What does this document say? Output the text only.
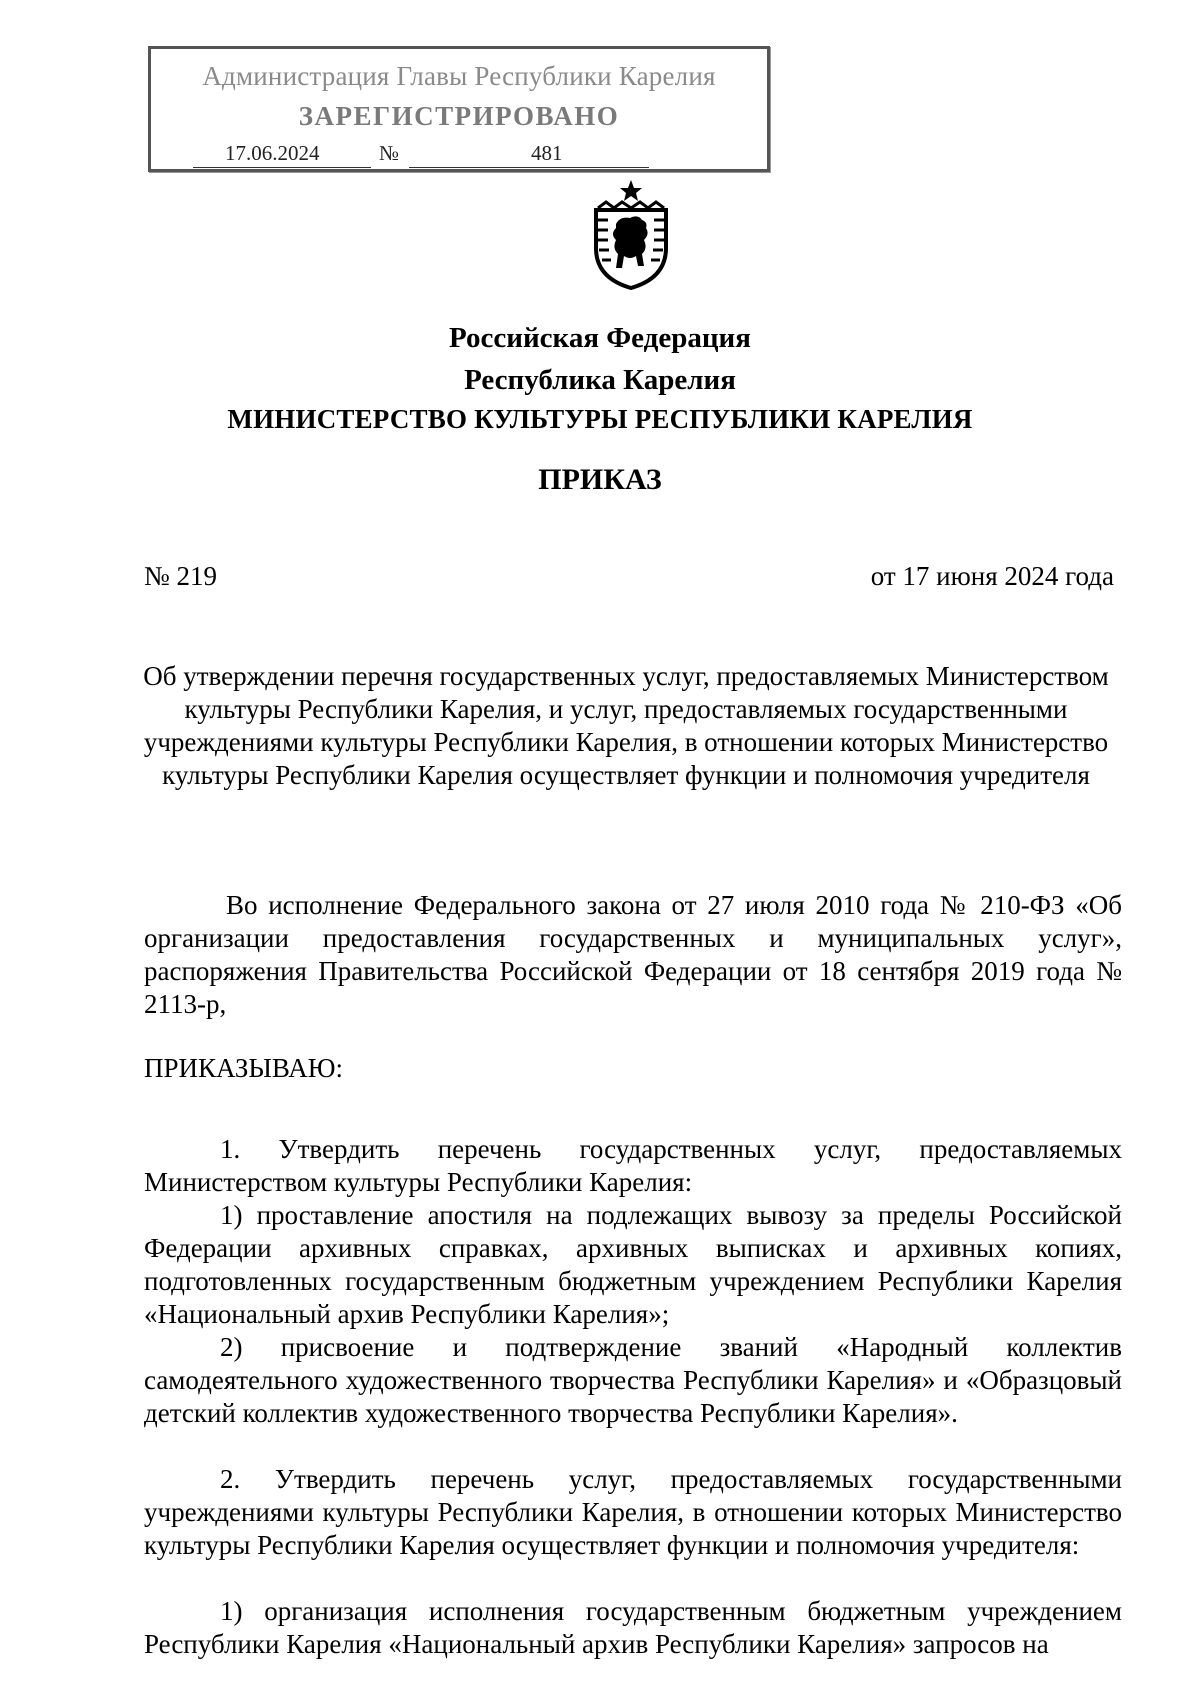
Администрация Главы Республики Карелия
ЗАРЕГИСТРИРОВАНО
17.06.2024	№	481
Российская Федерация
Республика Карелия
МИНИСТЕРСТВО КУЛЬТУРЫ РЕСПУБЛИКИ КАРЕЛИЯ
ПРИКАЗ
№ 219	от 17 июня 2024 года
Об утверждении перечня государственных услуг, предоставляемых Министерством культуры Республики Карелия, и услуг, предоставляемых государственными учреждениями культуры Республики Карелия, в отношении которых Министерство культуры Республики Карелия осуществляет функции и полномочия учредителя
Во исполнение Федерального закона от 27 июля 2010 года № 210-ФЗ «Об организации предоставления государственных и муниципальных услуг», распоряжения Правительства Российской Федерации от 18 сентября 2019 года № 2113-р,
ПРИКАЗЫВАЮ:
1. Утвердить перечень государственных услуг, предоставляемых Министерством культуры Республики Карелия:
1) проставление апостиля на подлежащих вывозу за пределы Российской Федерации архивных справках, архивных выписках и архивных копиях, подготовленных государственным бюджетным учреждением Республики Карелия «Национальный архив Республики Карелия»;
2) присвоение и подтверждение званий «Народный коллектив самодеятельного художественного творчества Республики Карелия» и «Образцовый детский коллектив художественного творчества Республики Карелия».
2. Утвердить перечень услуг, предоставляемых государственными учреждениями культуры Республики Карелия, в отношении которых Министерство культуры Республики Карелия осуществляет функции и полномочия учредителя:
1) организация исполнения государственным бюджетным учреждением Республики Карелия «Национальный архив Республики Карелия» запросов на
